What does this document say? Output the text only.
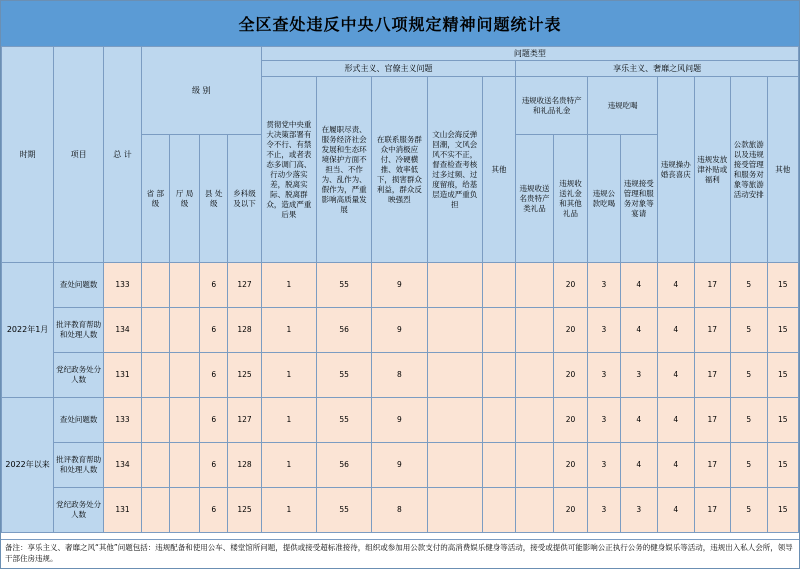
全区查处违反中央八项规定精神问题统计表
时期	项目	总 计	级 别				问题类型												
							形式主义、官僚主义问题					享乐主义、奢靡之风问题							
							贯彻党中央重大决策部署有令不行、有禁不止，或者表态多调门高、行动少落实差，脱离实际、脱离群众，造成严重后果	在履职尽责、服务经济社会发展和生态环境保护方面不担当、不作为、乱作为、假作为，严重影响高质量发展	在联系服务群众中消极应付、冷硬横推、效率低下，损害群众利益，群众反映强烈	文山会海反弹回潮，文风会风不实不正，督查检查考核过多过频、过度留痕，给基层造成严重负担	其他	违规收送名贵特产和礼品礼金		违规吃喝		违规操办婚丧喜庆	违规发放津补贴或福利	公款旅游以及违规接受管理和服务对象等旅游活动安排	其他
			省 部 级	厅 局 级	县 处 级	乡科级及以下						违规收送名贵特产类礼品	违规收送礼金和其他礼品	违规公款吃喝	违规接受管理和服务对象等宴请				
2022年1月	查处问题数	133			6	127	1	55	9				20	3	4	4	17	5	15
	批评教育帮助和处理人数	134			6	128	1	56	9				20	3	4	4	17	5	15
	党纪政务处分人数	131			6	125	1	55	8				20	3	3	4	17	5	15
2022年以来	查处问题数	133			6	127	1	55	9				20	3	4	4	17	5	15
	批评教育帮助和处理人数	134			6	128	1	56	9				20	3	4	4	17	5	15
	党纪政务处分人数	131			6	125	1	55	8				20	3	3	4	17	5	15
备注：享乐主义、奢靡之风“其他”问题包括：违规配备和使用公车、楼堂馆所问题，提供或接受超标准接待，组织或参加用公款支付的高消费娱乐健身等活动，接受或提供可能影响公正执行公务的健身娱乐等活动，违规出入私人会所，领导干部住房违规。
